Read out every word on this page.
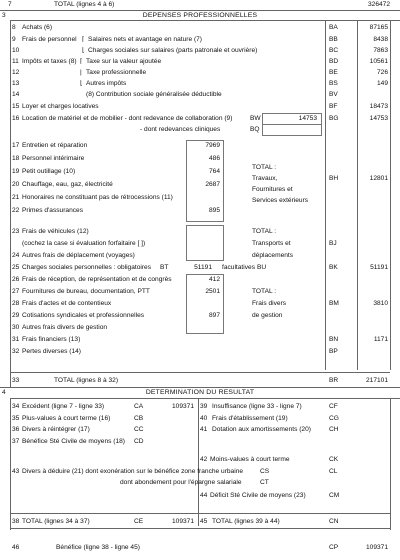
7	TOTAL (lignes 4 à 6)	326472
3	DEPENSES PROFESSIONNELLES
8 Achats (6)	BA	87165
9 Frais de personnel ⌈ Salaires nets et avantage en nature (7)	BB	8438
10	⌊ Charges sociales sur salaires (parts patronale et ouvrière)	BC	7863
11 Impôts et taxes (8) ⌈ Taxe sur la valeur ajoutée	BD	10561
12	| Taxe professionnelle	BE	726
13	⌊ Autres impôts	BS	149
14	(8) Contribution sociale généralisée déductible	BV
15 Loyer et charges locatives	BF	18473
16 Location de matériel et de mobilier - dont redevance de collaboration (9)	BW	14753 BG	14753
- dont redevances cliniques	BQ
17 Entretien et réparation	7969
18 Personnel intérimaire	486
19 Petit outillage (10)	764
20 Chauffage, eau, gaz, électricité	2687
21 Honoraires ne constituant pas de rétrocessions (11)
22 Primes d'assurances	895
TOTAL :
Travaux,
Fournitures et
Services extérieurs
BH	12801
23 Frais de véhicules (12)
(cochez la case si évaluation forfaitaire [ ])
24 Autres frais de déplacement (voyages)
TOTAL :
Transports et
déplacements
BJ
25 Charges sociales personnelles : obligatoires BT	51191 facultatives BU	BK	51191
26 Frais de réception, de représentation et de congrès	412
27 Fournitures de bureau, documentation, PTT	2501
28 Frais d'actes et de contentieux
29 Cotisations syndicales et professionnelles	897
30 Autres frais divers de gestion
TOTAL :
Frais divers
de gestion
BM	3810
31 Frais financiers (13)	BN	1171
32 Pertes diverses (14)	BP
33	TOTAL (lignes 8 à 32)	BR	217101
4	DETERMINATION DU RESULTAT
34 Excédent (ligne 7 - ligne 33)	CA	109371 39 Insuffisance (ligne 33 - ligne 7)	CF
35 Plus-values à court terme (16)	CB	40 Frais d'établissement (19)	CG
36 Divers à réintégrer (17)	CC	41 Dotation aux amortissements (20)	CH
37 Bénéfice Sté Civile de moyens (18) CD
42 Moins-values à court terme	CK
43 Divers à déduire (21) dont exonération sur le bénéfice zone franche urbaine	CS	CL
dont abondement pour l'épargne salariale	CT
44 Déficit Sté Civile de moyens (23)	CM
38 TOTAL (lignes 34 à 37)	CE	109371 45 TOTAL (lignes 39 à 44)	CN
46	Bénéfice (ligne 38 - ligne 45)	CP	109371
